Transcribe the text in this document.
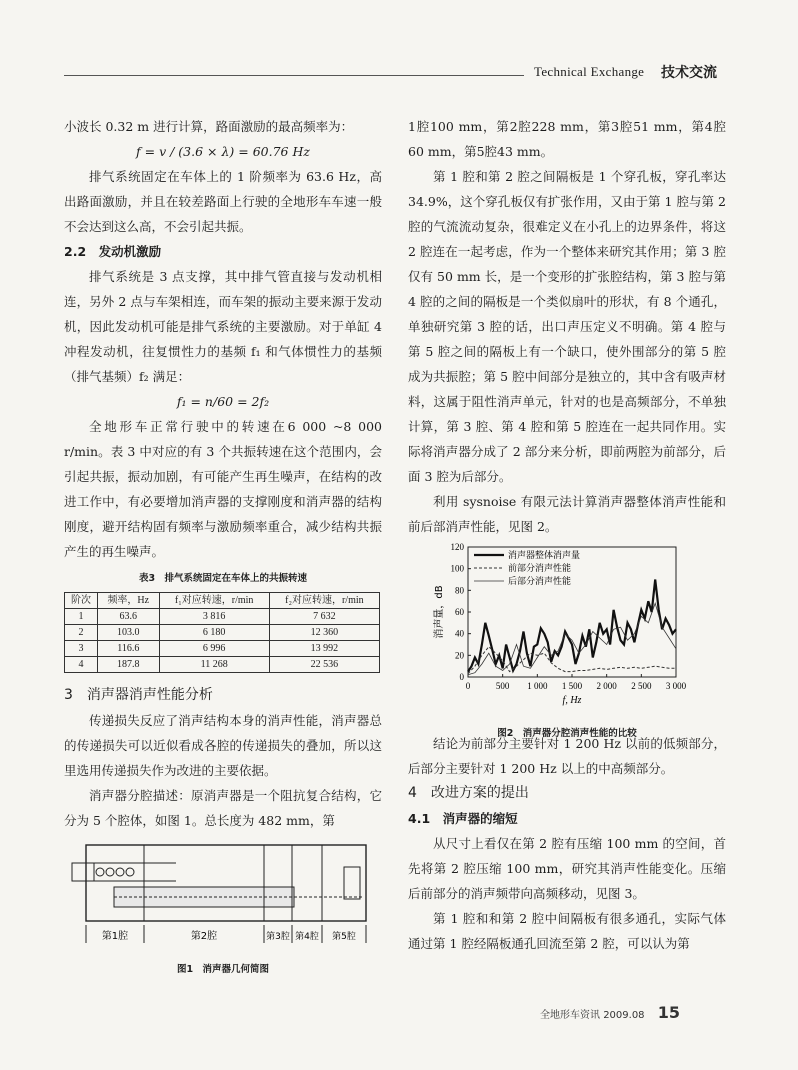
Technical Exchange 技术交流

小波长 0.32 m 进行计算，路面激励的最高频率为：

f = v / (3.6 × λ) = 60.76 Hz

排气系统固定在车体上的 1 阶频率为 63.6 Hz，高出路面激励，并且在较差路面上行驶的全地形车车速一般不会达到这么高，不会引起共振。

2.2　发动机激励

排气系统是 3 点支撑，其中排气管直接与发动机相连，另外 2 点与车架相连，而车架的振动主要来源于发动机，因此发动机可能是排气系统的主要激励。对于单缸 4 冲程发动机，往复惯性力的基频 f₁ 和气体惯性力的基频（排气基频）f₂ 满足：

f₁ = n/60 = 2f₂

全地形车正常行驶中的转速在6 000 ~8 000 r/min。表 3 中对应的有 3 个共振转速在这个范围内，会引起共振，振动加剧，有可能产生再生噪声，在结构的改进工作中，有必要增加消声器的支撑刚度和消声器的结构刚度，避开结构固有频率与激励频率重合，减少结构共振产生的再生噪声。

表3　排气系统固定在车体上的共振转速
阶次	频率，Hz	f₁对应转速，r/min	f₂对应转速，r/min
1	63.6	3 816	7 632
2	103.0	6 180	12 360
3	116.6	6 996	13 992
4	187.8	11 268	22 536

3　消声器消声性能分析

传递损失反应了消声结构本身的消声性能，消声器总的传递损失可以近似看成各腔的传递损失的叠加，所以这里选用传递损失作为改进的主要依据。

消声器分腔描述：原消声器是一个阻抗复合结构，它分为 5 个腔体，如图 1。总长度为 482 mm，第

第1腔	第2腔	第3腔 第4腔 第5腔
图1　消声器几何简图

1腔100 mm，第2腔228 mm，第3腔51 mm，第4腔60 mm，第5腔43 mm。

第 1 腔和第 2 腔之间隔板是 1 个穿孔板，穿孔率达 34.9%，这个穿孔板仅有扩张作用，又由于第 1 腔与第 2 腔的气流流动复杂，很难定义在小孔上的边界条件，将这 2 腔连在一起考虑，作为一个整体来研究其作用；第 3 腔仅有 50 mm 长，是一个变形的扩张腔结构，第 3 腔与第 4 腔的之间的隔板是一个类似扇叶的形状，有 8 个通孔，单独研究第 3 腔的话，出口声压定义不明确。第 4 腔与第 5 腔之间的隔板上有一个缺口，使外围部分的第 5 腔成为共振腔；第 5 腔中间部分是独立的，其中含有吸声材料，这属于阻性消声单元，针对的也是高频部分，不单独计算，第 3 腔、第 4 腔和第 5 腔连在一起共同作用。实际将消声器分成了 2 部分来分析，即前两腔为前部分，后面 3 腔为后部分。

利用 sysnoise 有限元法计算消声器整体消声性能和前后部消声性能，见图 2。

0	500 1 000 1 500 2 000 2 500 3 000
0
20
40
60
80
100
120
消声器整体消声量
前部分消声性能
后部分消声性能
消声量，dB
f, Hz
图2　消声器分腔消声性能的比较

结论为前部分主要针对 1 200 Hz 以前的低频部分，后部分主要针对 1 200 Hz 以上的中高频部分。

4　改进方案的提出

4.1　消声器的缩短

从尺寸上看仅在第 2 腔有压缩 100 mm 的空间，首先将第 2 腔压缩 100 mm，研究其消声性能变化。压缩后前部分的消声频带向高频移动，见图 3。

第 1 腔和和第 2 腔中间隔板有很多通孔，实际气体通过第 1 腔经隔板通孔回流至第 2 腔，可以认为第

全地形车资讯 2009.08 15
